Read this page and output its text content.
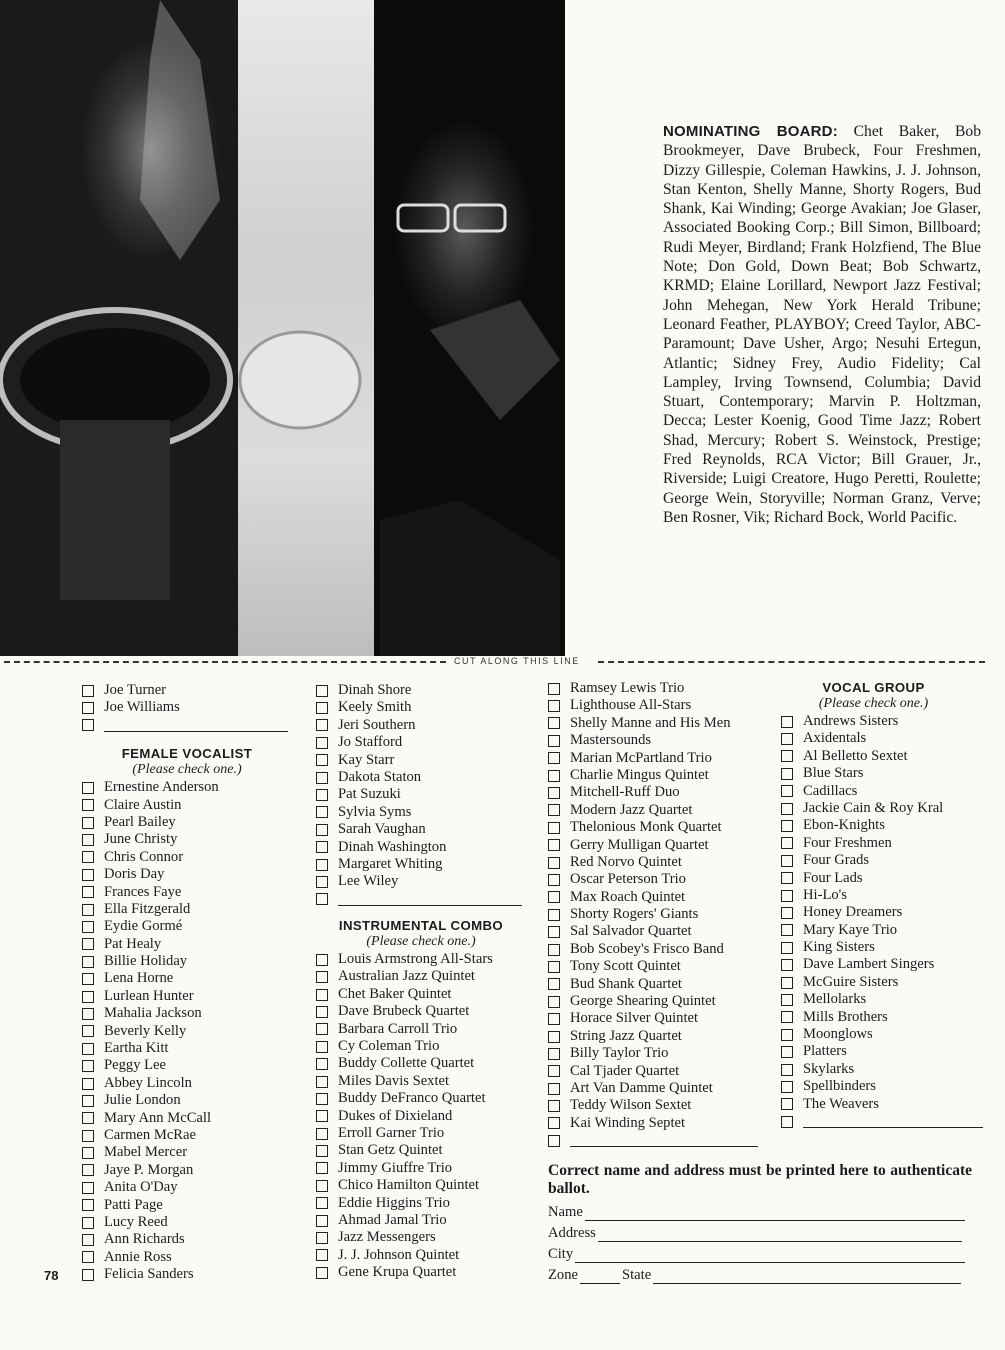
NOMINATING BOARD: Chet Baker, Bob Brookmeyer, Dave Brubeck, Four Freshmen, Dizzy Gillespie, Coleman Hawkins, J. J. Johnson, Stan Kenton, Shelly Manne, Shorty Rogers, Bud Shank, Kai Winding; George Avakian; Joe Glaser, Associated Booking Corp.; Bill Simon, Billboard; Rudi Meyer, Birdland; Frank Holzfiend, The Blue Note; Don Gold, Down Beat; Bob Schwartz, KRMD; Elaine Lorillard, Newport Jazz Festival; John Mehegan, New York Herald Tribune; Leonard Feather, PLAYBOY; Creed Taylor, ABC-Paramount; Dave Usher, Argo; Nesuhi Ertegun, Atlantic; Sidney Frey, Audio Fidelity; Cal Lampley, Irving Townsend, Columbia; David Stuart, Contemporary; Marvin P. Holtzman, Decca; Lester Koenig, Good Time Jazz; Robert Shad, Mercury; Robert S. Weinstock, Prestige; Fred Reynolds, RCA Victor; Bill Grauer, Jr., Riverside; Luigi Creatore, Hugo Peretti, Roulette; George Wein, Storyville; Norman Granz, Verve; Ben Rosner, Vik; Richard Bock, World Pacific.
CUT ALONG THIS LINE
Joe Turner
Joe Williams
FEMALE VOCALIST
(Please check one.)
Ernestine Anderson
Claire Austin
Pearl Bailey
June Christy
Chris Connor
Doris Day
Frances Faye
Ella Fitzgerald
Eydie Gormé
Pat Healy
Billie Holiday
Lena Horne
Lurlean Hunter
Mahalia Jackson
Beverly Kelly
Eartha Kitt
Peggy Lee
Abbey Lincoln
Julie London
Mary Ann McCall
Carmen McRae
Mabel Mercer
Jaye P. Morgan
Anita O'Day
Patti Page
Lucy Reed
Ann Richards
Annie Ross
Felicia Sanders
Dinah Shore
Keely Smith
Jeri Southern
Jo Stafford
Kay Starr
Dakota Staton
Pat Suzuki
Sylvia Syms
Sarah Vaughan
Dinah Washington
Margaret Whiting
Lee Wiley
INSTRUMENTAL COMBO
(Please check one.)
Louis Armstrong All-Stars
Australian Jazz Quintet
Chet Baker Quintet
Dave Brubeck Quartet
Barbara Carroll Trio
Cy Coleman Trio
Buddy Collette Quartet
Miles Davis Sextet
Buddy DeFranco Quartet
Dukes of Dixieland
Erroll Garner Trio
Stan Getz Quintet
Jimmy Giuffre Trio
Chico Hamilton Quintet
Eddie Higgins Trio
Ahmad Jamal Trio
Jazz Messengers
J. J. Johnson Quintet
Gene Krupa Quartet
Ramsey Lewis Trio
Lighthouse All-Stars
Shelly Manne and His Men
Mastersounds
Marian McPartland Trio
Charlie Mingus Quintet
Mitchell-Ruff Duo
Modern Jazz Quartet
Thelonious Monk Quartet
Gerry Mulligan Quartet
Red Norvo Quintet
Oscar Peterson Trio
Max Roach Quintet
Shorty Rogers' Giants
Sal Salvador Quartet
Bob Scobey's Frisco Band
Tony Scott Quintet
Bud Shank Quartet
George Shearing Quintet
Horace Silver Quintet
String Jazz Quartet
Billy Taylor Trio
Cal Tjader Quartet
Art Van Damme Quintet
Teddy Wilson Sextet
Kai Winding Septet
VOCAL GROUP
(Please check one.)
Andrews Sisters
Axidentals
Al Belletto Sextet
Blue Stars
Cadillacs
Jackie Cain & Roy Kral
Ebon-Knights
Four Freshmen
Four Grads
Four Lads
Hi-Lo's
Honey Dreamers
Mary Kaye Trio
King Sisters
Dave Lambert Singers
McGuire Sisters
Mellolarks
Mills Brothers
Moonglows
Platters
Skylarks
Spellbinders
The Weavers
Correct name and address must be printed here to authenticate ballot.
Name
Address
City
Zone	State
78
